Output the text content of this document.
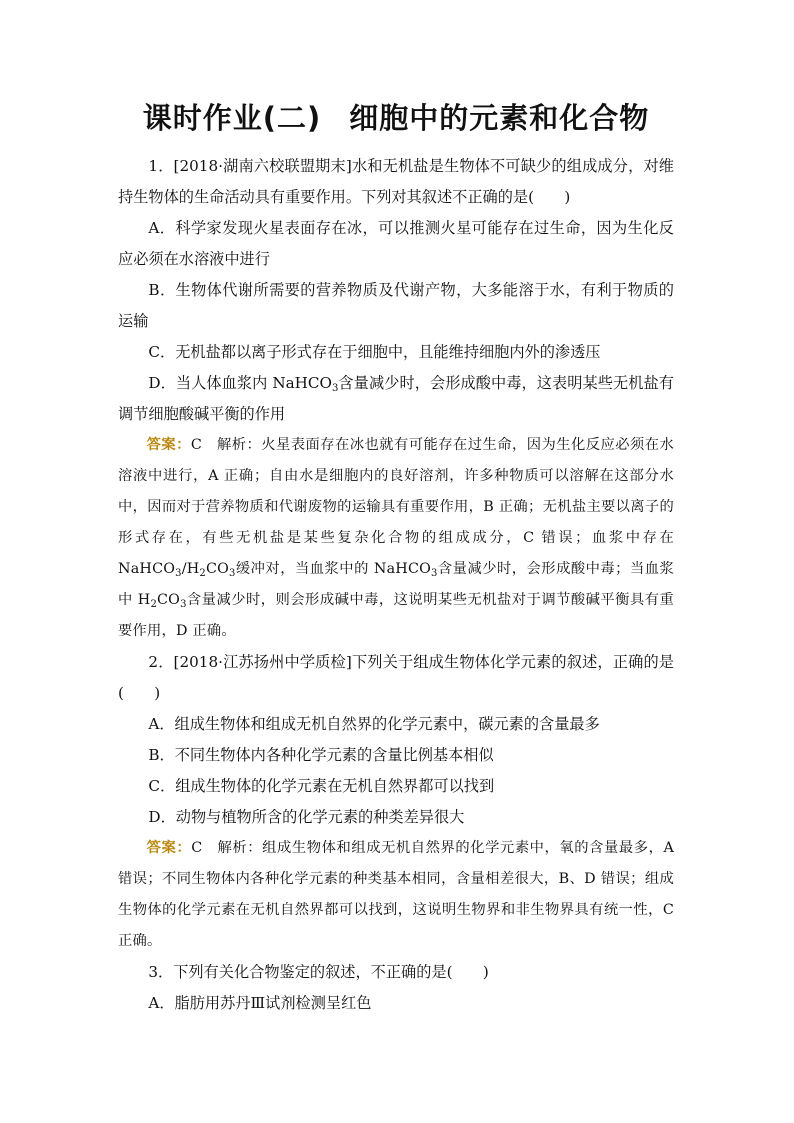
课时作业(二) 细胞中的元素和化合物

1．[2018·湖南六校联盟期末]水和无机盐是生物体不可缺少的组成成分，对维持生物体的生命活动具有重要作用。下列对其叙述不正确的是(　　)

A．科学家发现火星表面存在冰，可以推测火星可能存在过生命，因为生化反应必须在水溶液中进行

B．生物体代谢所需要的营养物质及代谢产物，大多能溶于水，有利于物质的运输

C．无机盐都以离子形式存在于细胞中，且能维持细胞内外的渗透压

D．当人体血浆内 NaHCO$_3$含量减少时，会形成酸中毒，这表明某些无机盐有调节细胞酸碱平衡的作用

答案：C　解析：火星表面存在冰也就有可能存在过生命，因为生化反应必须在水溶液中进行，A 正确；自由水是细胞内的良好溶剂，许多种物质可以溶解在这部分水中，因而对于营养物质和代谢废物的运输具有重要作用，B 正确；无机盐主要以离子的形式存在，有些无机盐是某些复杂化合物的组成成分，C 错误；血浆中存在 $NaHCO_3/H_2CO_3$缓冲对，当血浆中的 NaHCO$_3$含量减少时，会形成酸中毒；当血浆中 $H_2CO_3$含量减少时，则会形成碱中毒，这说明某些无机盐对于调节酸碱平衡具有重要作用，D 正确。

2．[2018·江苏扬州中学质检]下列关于组成生物体化学元素的叙述，正确的是(　　)

A．组成生物体和组成无机自然界的化学元素中，碳元素的含量最多

B．不同生物体内各种化学元素的含量比例基本相似

C．组成生物体的化学元素在无机自然界都可以找到

D．动物与植物所含的化学元素的种类差异很大

答案：C　解析：组成生物体和组成无机自然界的化学元素中，氧的含量最多，A 错误；不同生物体内各种化学元素的种类基本相同，含量相差很大，B、D 错误；组成生物体的化学元素在无机自然界都可以找到，这说明生物界和非生物界具有统一性，C 正确。

3．下列有关化合物鉴定的叙述，不正确的是(　　)

A．脂肪用苏丹Ⅲ试剂检测呈红色
